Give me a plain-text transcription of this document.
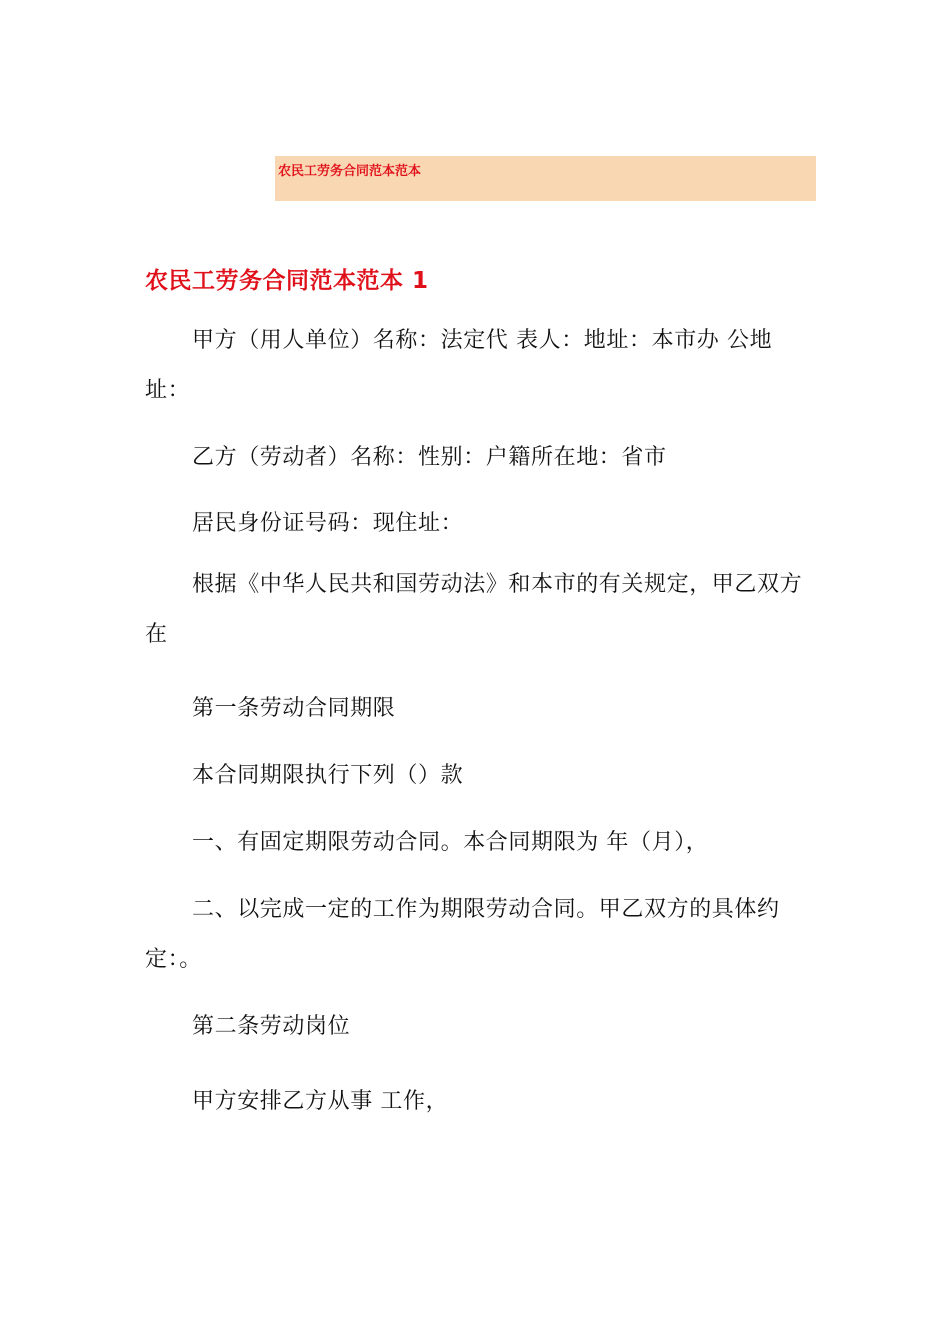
农民工劳务合同范本范本
农民工劳务合同范本范本 1

甲方（用人单位）名称：法定代 表人：地址：本市办 公地址：

乙方（劳动者）名称：性别：户籍所在地：省市

居民身份证号码：现住址：

根据《中华人民共和国劳动法》和本市的有关规定，甲乙双方在

第一条劳动合同期限

本合同期限执行下列（）款

一、有固定期限劳动合同。本合同期限为 年（月），

二、以完成一定的工作为期限劳动合同。甲乙双方的具体约定：。

第二条劳动岗位

甲方安排乙方从事 工作，
